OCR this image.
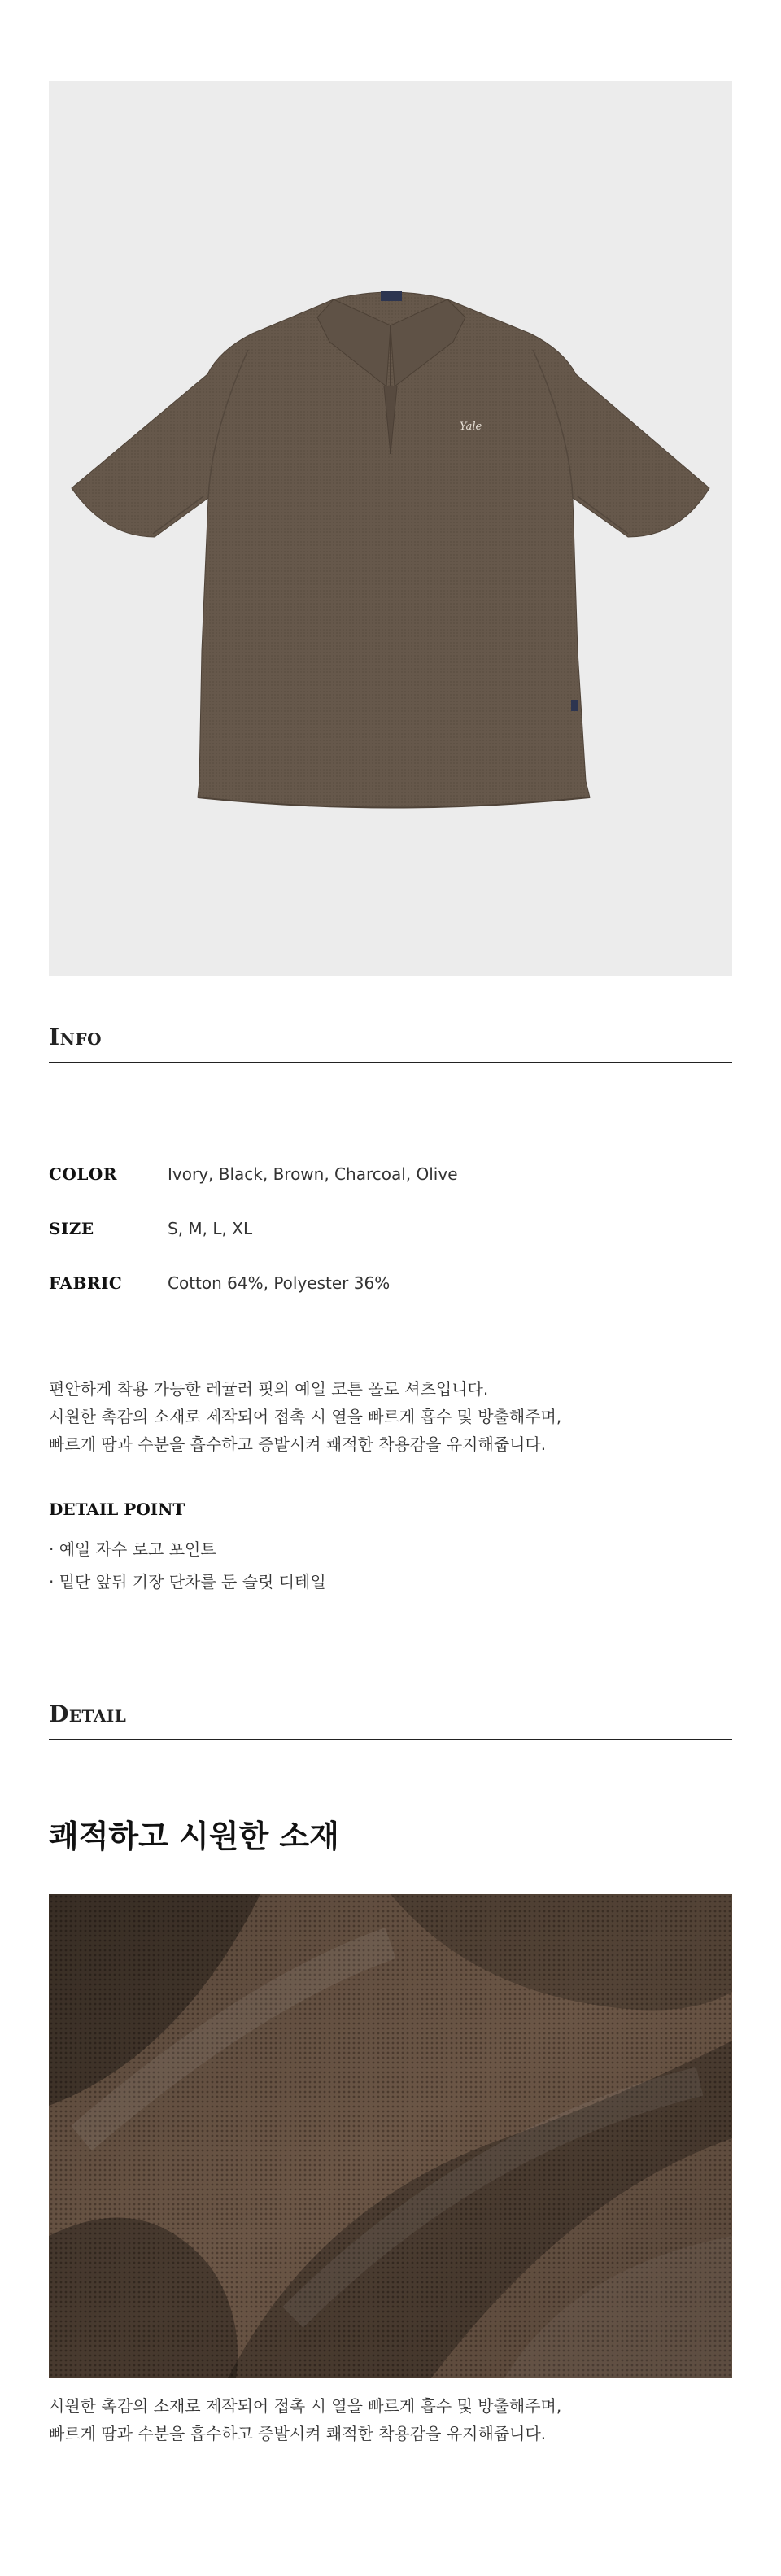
Yale
Info
COLOR	Ivory, Black, Brown, Charcoal, Olive
SIZE	S, M, L, XL
FABRIC	Cotton 64%, Polyester 36%
편안하게 착용 가능한 레귤러 핏의 예일 코튼 폴로 셔츠입니다.
시원한 촉감의 소재로 제작되어 접촉 시 열을 빠르게 흡수 및 방출해주며,
빠르게 땀과 수분을 흡수하고 증발시켜 쾌적한 착용감을 유지해줍니다.
DETAIL POINT
· 예일 자수 로고 포인트
· 밑단 앞뒤 기장 단차를 둔 슬릿 디테일
Detail
쾌적하고 시원한 소재
시원한 촉감의 소재로 제작되어 접촉 시 열을 빠르게 흡수 및 방출해주며,
빠르게 땀과 수분을 흡수하고 증발시켜 쾌적한 착용감을 유지해줍니다.
